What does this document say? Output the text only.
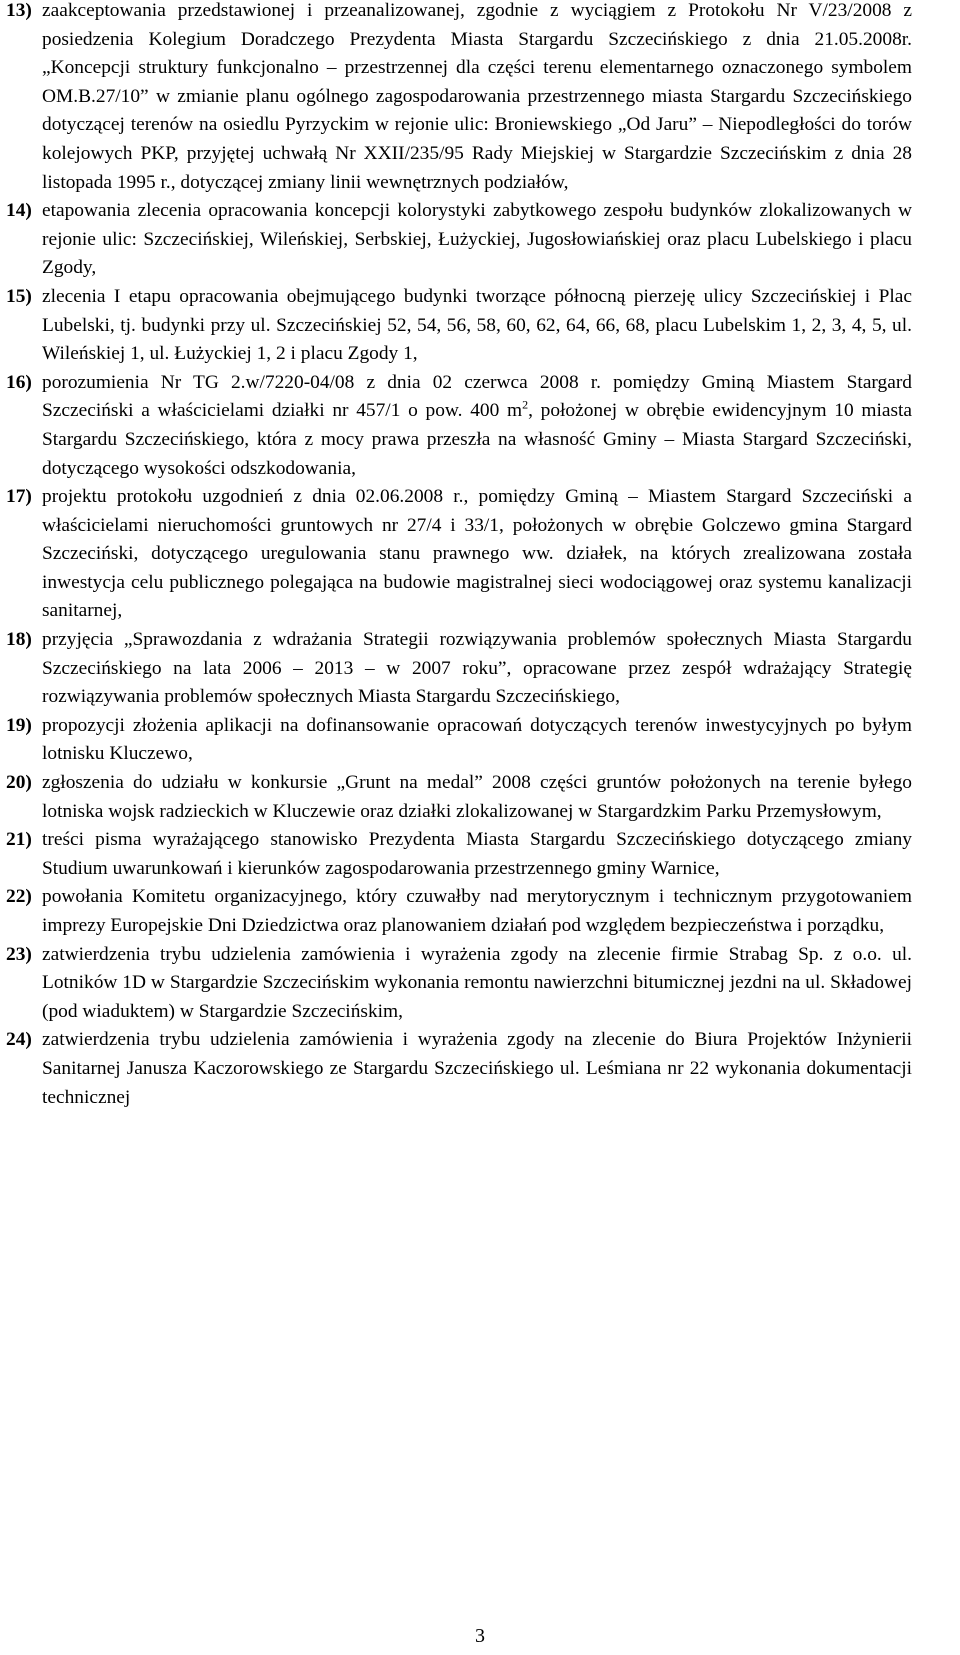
13) zaakceptowania przedstawionej i przeanalizowanej, zgodnie z wyciągiem z Protokołu Nr V/23/2008 z posiedzenia Kolegium Doradczego Prezydenta Miasta Stargardu Szczecińskiego z dnia 21.05.2008r. „Koncepcji struktury funkcjonalno – przestrzennej dla części terenu elementarnego oznaczonego symbolem OM.B.27/10” w zmianie planu ogólnego zagospodarowania przestrzennego miasta Stargardu Szczecińskiego dotyczącej terenów na osiedlu Pyrzyckim w rejonie ulic: Broniewskiego „Od Jaru” – Niepodległości do torów kolejowych PKP, przyjętej uchwałą Nr XXII/235/95 Rady Miejskiej w Stargardzie Szczecińskim z dnia 28 listopada 1995 r., dotyczącej zmiany linii wewnętrznych podziałów,
14) etapowania zlecenia opracowania koncepcji kolorystyki zabytkowego zespołu budynków zlokalizowanych w rejonie ulic: Szczecińskiej, Wileńskiej, Serbskiej, Łużyckiej, Jugosłowiańskiej oraz placu Lubelskiego i placu Zgody,
15) zlecenia I etapu opracowania obejmującego budynki tworzące północną pierzeję ulicy Szczecińskiej i Plac Lubelski, tj. budynki przy ul. Szczecińskiej 52, 54, 56, 58, 60, 62, 64, 66, 68, placu Lubelskim 1, 2, 3, 4, 5, ul. Wileńskiej 1, ul. Łużyckiej 1, 2 i placu Zgody 1,
16) porozumienia Nr TG 2.w/7220-04/08 z dnia 02 czerwca 2008 r. pomiędzy Gminą Miastem Stargard Szczeciński a właścicielami działki nr 457/1 o pow. 400 $m^2$, położonej w obrębie ewidencyjnym 10 miasta Stargardu Szczecińskiego, która z mocy prawa przeszła na własność Gminy – Miasta Stargard Szczeciński, dotyczącego wysokości odszkodowania,
17) projektu protokołu uzgodnień z dnia 02.06.2008 r., pomiędzy Gminą – Miastem Stargard Szczeciński a właścicielami nieruchomości gruntowych nr 27/4 i 33/1, położonych w obrębie Golczewo gmina Stargard Szczeciński, dotyczącego uregulowania stanu prawnego ww. działek, na których zrealizowana została inwestycja celu publicznego polegająca na budowie magistralnej sieci wodociągowej oraz systemu kanalizacji sanitarnej,
18) przyjęcia „Sprawozdania z wdrażania Strategii rozwiązywania problemów społecznych Miasta Stargardu Szczecińskiego na lata 2006 – 2013 – w 2007 roku”, opracowane przez zespół wdrażający Strategię rozwiązywania problemów społecznych Miasta Stargardu Szczecińskiego,
19) propozycji złożenia aplikacji na dofinansowanie opracowań dotyczących terenów inwestycyjnych po byłym lotnisku Kluczewo,
20) zgłoszenia do udziału w konkursie „Grunt na medal” 2008 części gruntów położonych na terenie byłego lotniska wojsk radzieckich w Kluczewie oraz działki zlokalizowanej w Stargardzkim Parku Przemysłowym,
21) treści pisma wyrażającego stanowisko Prezydenta Miasta Stargardu Szczecińskiego dotyczącego zmiany Studium uwarunkowań i kierunków zagospodarowania przestrzennego gminy Warnice,
22) powołania Komitetu organizacyjnego, który czuwałby nad merytorycznym i technicznym przygotowaniem imprezy Europejskie Dni Dziedzictwa oraz planowaniem działań pod względem bezpieczeństwa i porządku,
23) zatwierdzenia trybu udzielenia zamówienia i wyrażenia zgody na zlecenie firmie Strabag Sp. z o.o. ul. Lotników 1D w Stargardzie Szczecińskim wykonania remontu nawierzchni bitumicznej jezdni na ul. Składowej (pod wiaduktem) w Stargardzie Szczecińskim,
24) zatwierdzenia trybu udzielenia zamówienia i wyrażenia zgody na zlecenie do Biura Projektów Inżynierii Sanitarnej Janusza Kaczorowskiego ze Stargardu Szczecińskiego ul. Leśmiana nr 22 wykonania dokumentacji technicznej
3
